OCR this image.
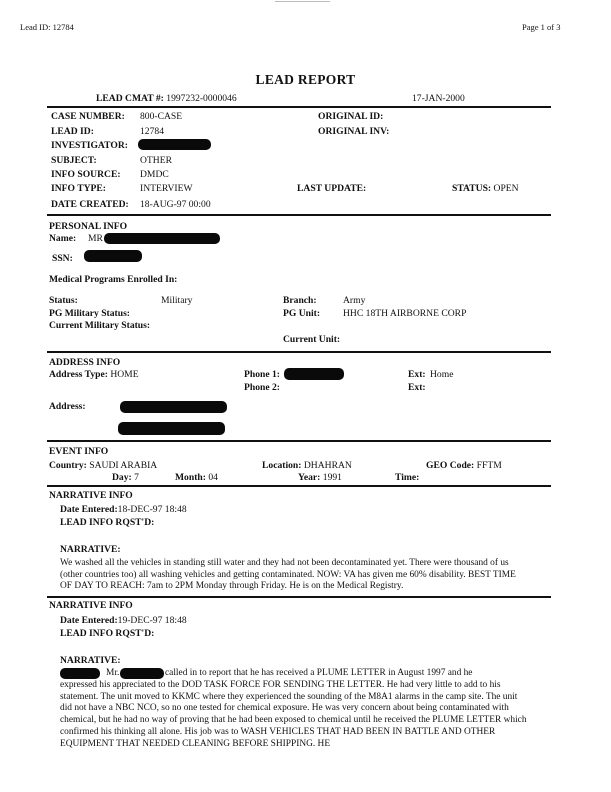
Lead ID: 12784	Page 1 of 3
LEAD REPORT
LEAD CMAT #: 1997232-0000046	17-JAN-2000
CASE NUMBER: 800-CASE	ORIGINAL ID:
LEAD ID:	12784	ORIGINAL INV:
INVESTIGATOR:
SUBJECT:	OTHER
INFO SOURCE: DMDC
INFO TYPE:	INTERVIEW	LAST UPDATE:	STATUS: OPEN
DATE CREATED: 18-AUG-97 00:00
PERSONAL INFO
Name: MR
SSN:
Medical Programs Enrolled In:
Status:	Military	Branch:	Army
PG Military Status:	PG Unit: HHC 18TH AIRBORNE CORP
Current Military Status:
Current Unit:
ADDRESS INFO
Address Type: HOME	Phone 1:	Ext: Home
Phone 2:	Ext:
Address:
EVENT INFO
Country: SAUDI ARABIA	Location: DHAHRAN	GEO Code: FFTM
Day: 7	Month: 04	Year: 1991	Time:
NARRATIVE INFO
Date Entered:18-DEC-97 18:48
LEAD INFO RQST'D:
NARRATIVE:
We washed all the vehicles in standing still water and they had not been decontaminated yet. There were thousand of us (other countries too) all washing vehicles and getting contaminated. NOW: VA has given me 60% disability. BEST TIME OF DAY TO REACH: 7am to 2PM Monday through Friday. He is on the Medical Registry.
NARRATIVE INFO
Date Entered:19-DEC-97 18:48
LEAD INFO RQST'D:
NARRATIVE:
Mr.	called in to report that he has received a PLUME LETTER in August 1997 and he
expressed his appreciated to the DOD TASK FORCE FOR SENDING THE LETTER. He had very little to add to his statement. The unit moved to KKMC where they experienced the sounding of the M8A1 alarms in the camp site. The unit did not have a NBC NCO, so no one tested for chemical exposure. He was very concern about being contaminated with chemical, but he had no way of proving that he had been exposed to chemical until he received the PLUME LETTER which confirmed his thinking all alone. His job was to WASH VEHICLES THAT HAD BEEN IN BATTLE AND OTHER EQUIPMENT THAT NEEDED CLEANING BEFORE SHIPPING. HE
